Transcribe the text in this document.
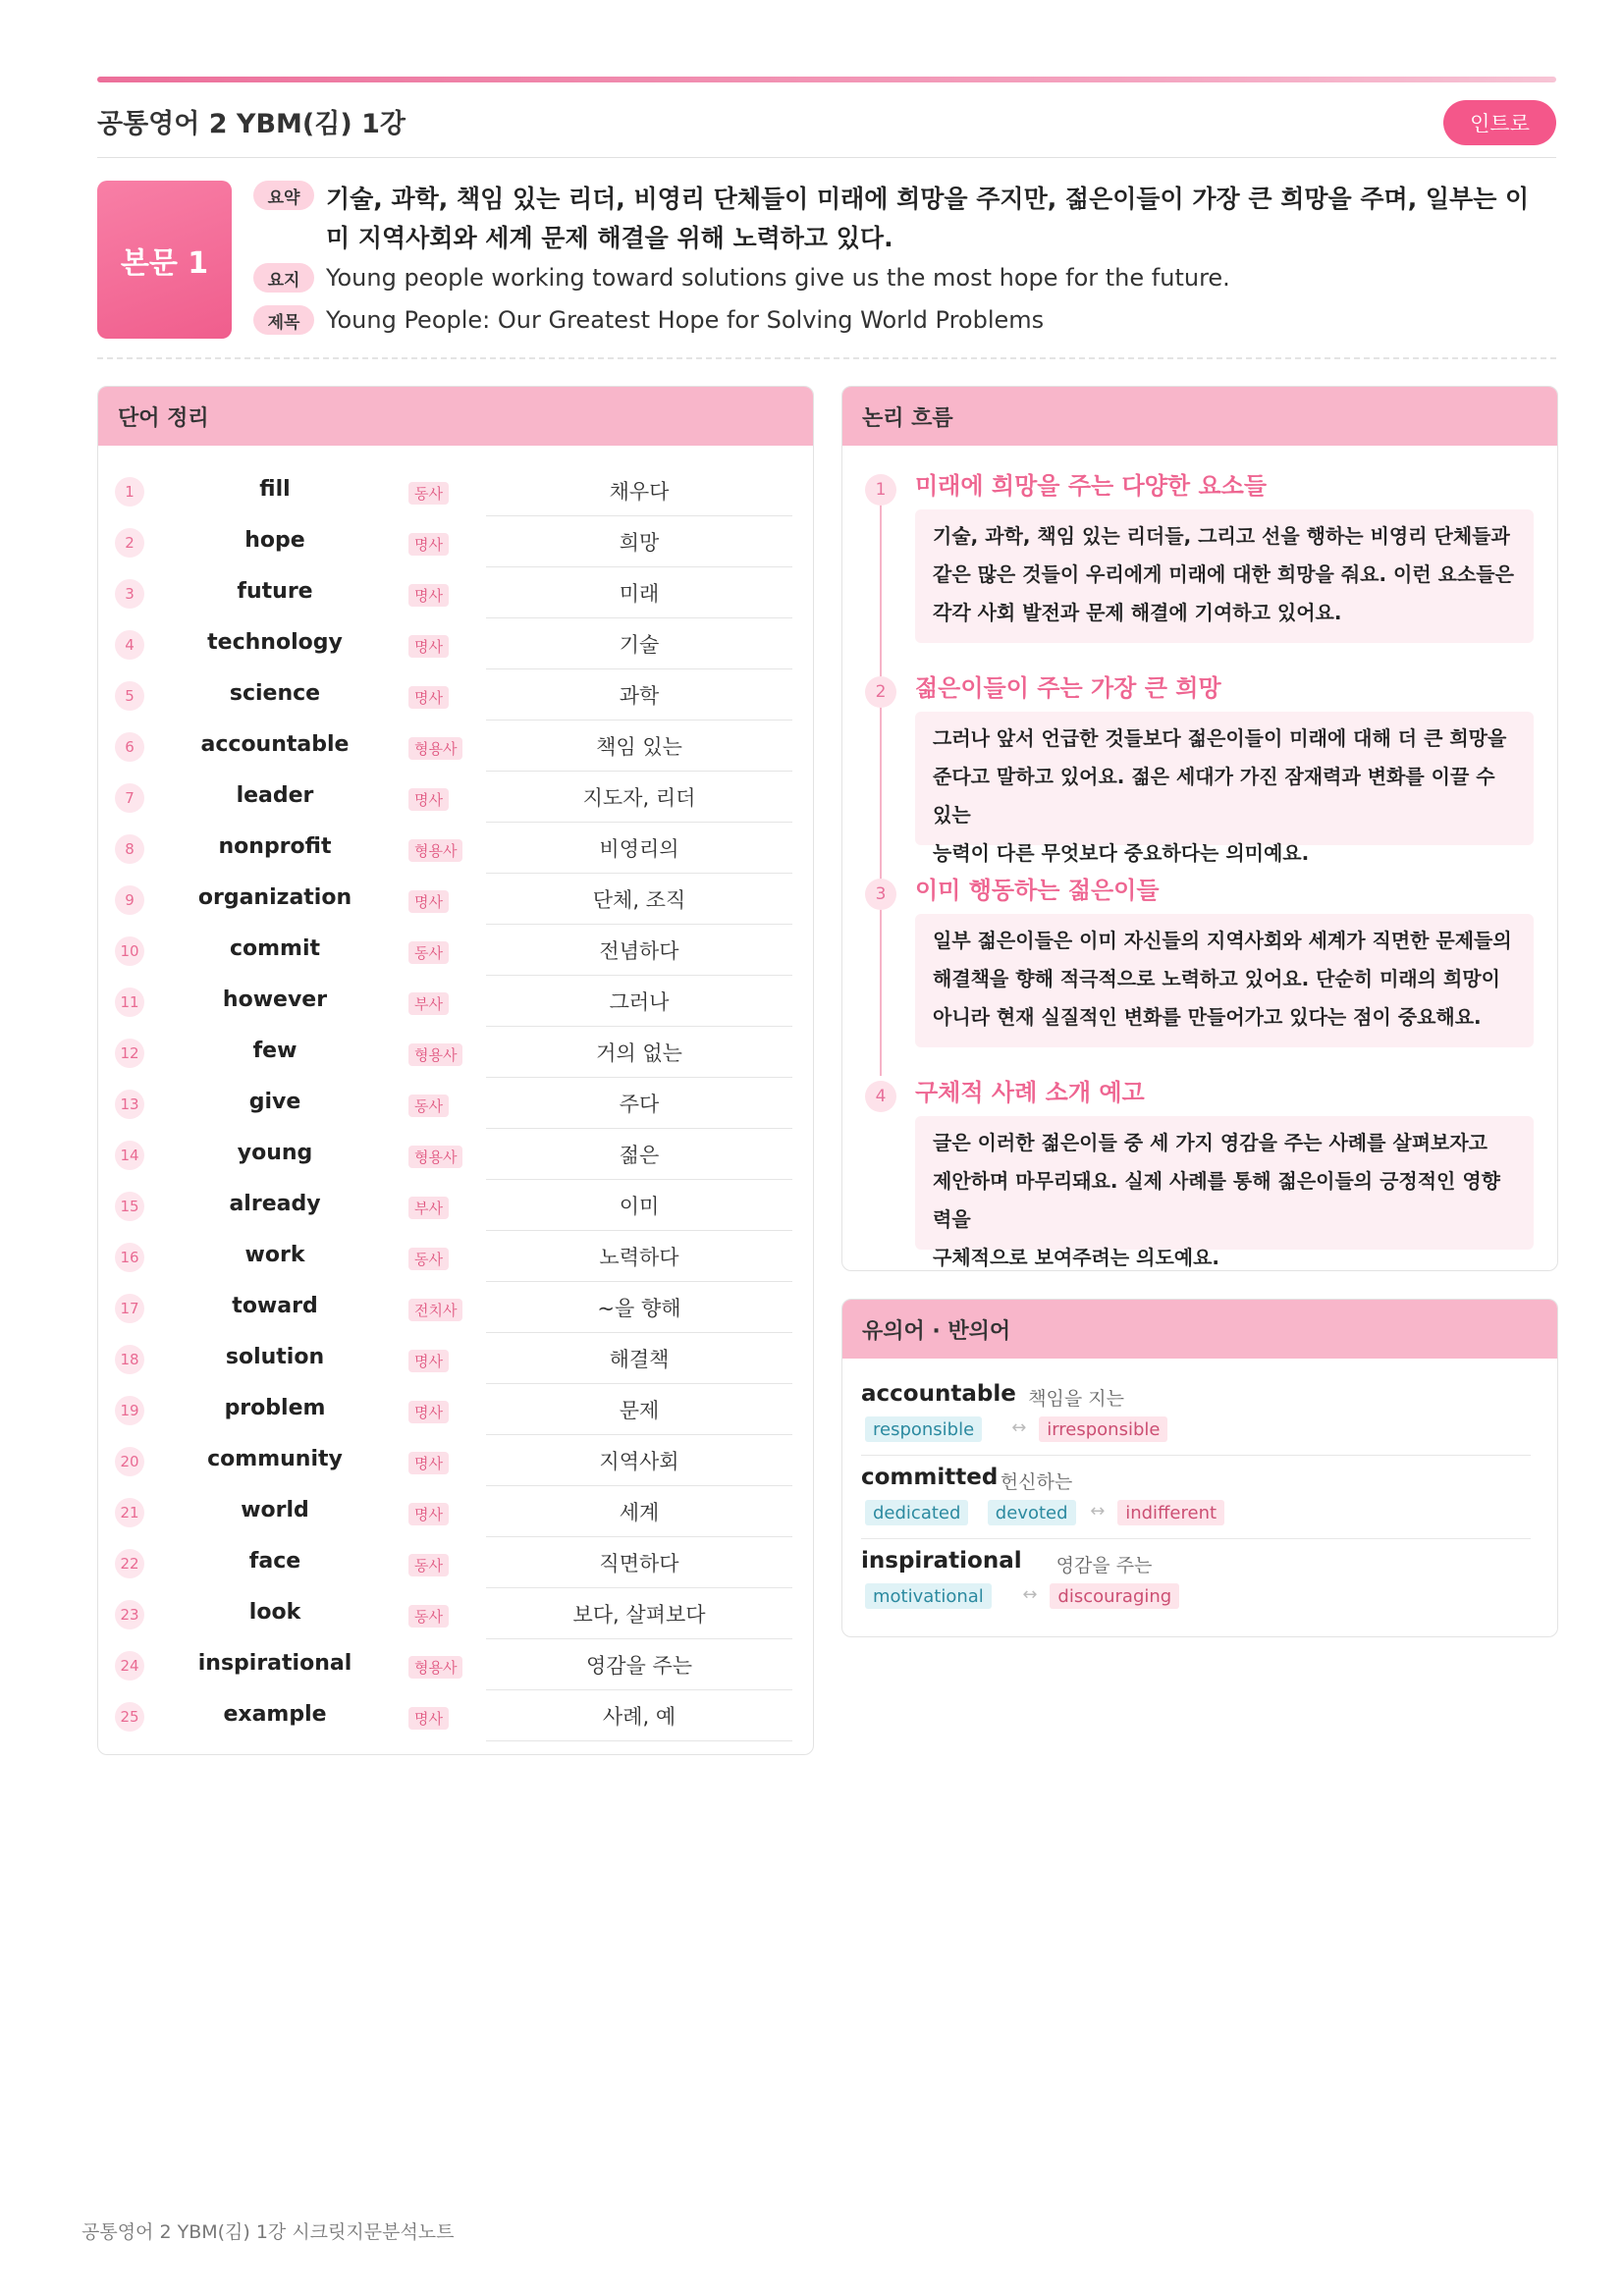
공통영어 2 YBM(김) 1강	인트로
본문 1
요약	기술, 과학, 책임 있는 리더, 비영리 단체들이 미래에 희망을 주지만, 젊은이들이 가장 큰 희망을 주며, 일부는 이미 지역사회와 세계 문제 해결을 위해 노력하고 있다.
요지	Young people working toward solutions give us the most hope for the future.
제목	Young People: Our Greatest Hope for Solving World Problems
단어 정리
1	fill	동사	채우다
2	hope	명사	희망
3	future	명사	미래
4	technology	명사	기술
5	science	명사	과학
6	accountable	형용사	책임 있는
7	leader	명사	지도자, 리더
8	nonprofit	형용사	비영리의
9	organization	명사	단체, 조직
10	commit	동사	전념하다
11	however	부사	그러나
12	few	형용사	거의 없는
13	give	동사	주다
14	young	형용사	젊은
15	already	부사	이미
16	work	동사	노력하다
17	toward	전치사	~을 향해
18	solution	명사	해결책
19	problem	명사	문제
20	community	명사	지역사회
21	world	명사	세계
22	face	동사	직면하다
23	look	동사	보다, 살펴보다
24	inspirational	형용사	영감을 주는
25	example	명사	사례, 예
논리 흐름
1	미래에 희망을 주는 다양한 요소들
기술, 과학, 책임 있는 리더들, 그리고 선을 행하는 비영리 단체들과
같은 많은 것들이 우리에게 미래에 대한 희망을 줘요. 이런 요소들은
각각 사회 발전과 문제 해결에 기여하고 있어요.
2	젊은이들이 주는 가장 큰 희망
그러나 앞서 언급한 것들보다 젊은이들이 미래에 대해 더 큰 희망을
준다고 말하고 있어요. 젊은 세대가 가진 잠재력과 변화를 이끌 수 있는
능력이 다른 무엇보다 중요하다는 의미예요.
3	이미 행동하는 젊은이들
일부 젊은이들은 이미 자신들의 지역사회와 세계가 직면한 문제들의
해결책을 향해 적극적으로 노력하고 있어요. 단순히 미래의 희망이
아니라 현재 실질적인 변화를 만들어가고 있다는 점이 중요해요.
4	구체적 사례 소개 예고
글은 이러한 젊은이들 중 세 가지 영감을 주는 사례를 살펴보자고
제안하며 마무리돼요. 실제 사례를 통해 젊은이들의 긍정적인 영향력을
구체적으로 보여주려는 의도예요.
유의어 · 반의어
accountable 책임을 지는
responsible	↔	irresponsible
committed 헌신하는
dedicated	devoted	↔	indifferent
inspirational 영감을 주는
motivational	↔	discouraging
공통영어 2 YBM(김) 1강 시크릿지문분석노트
